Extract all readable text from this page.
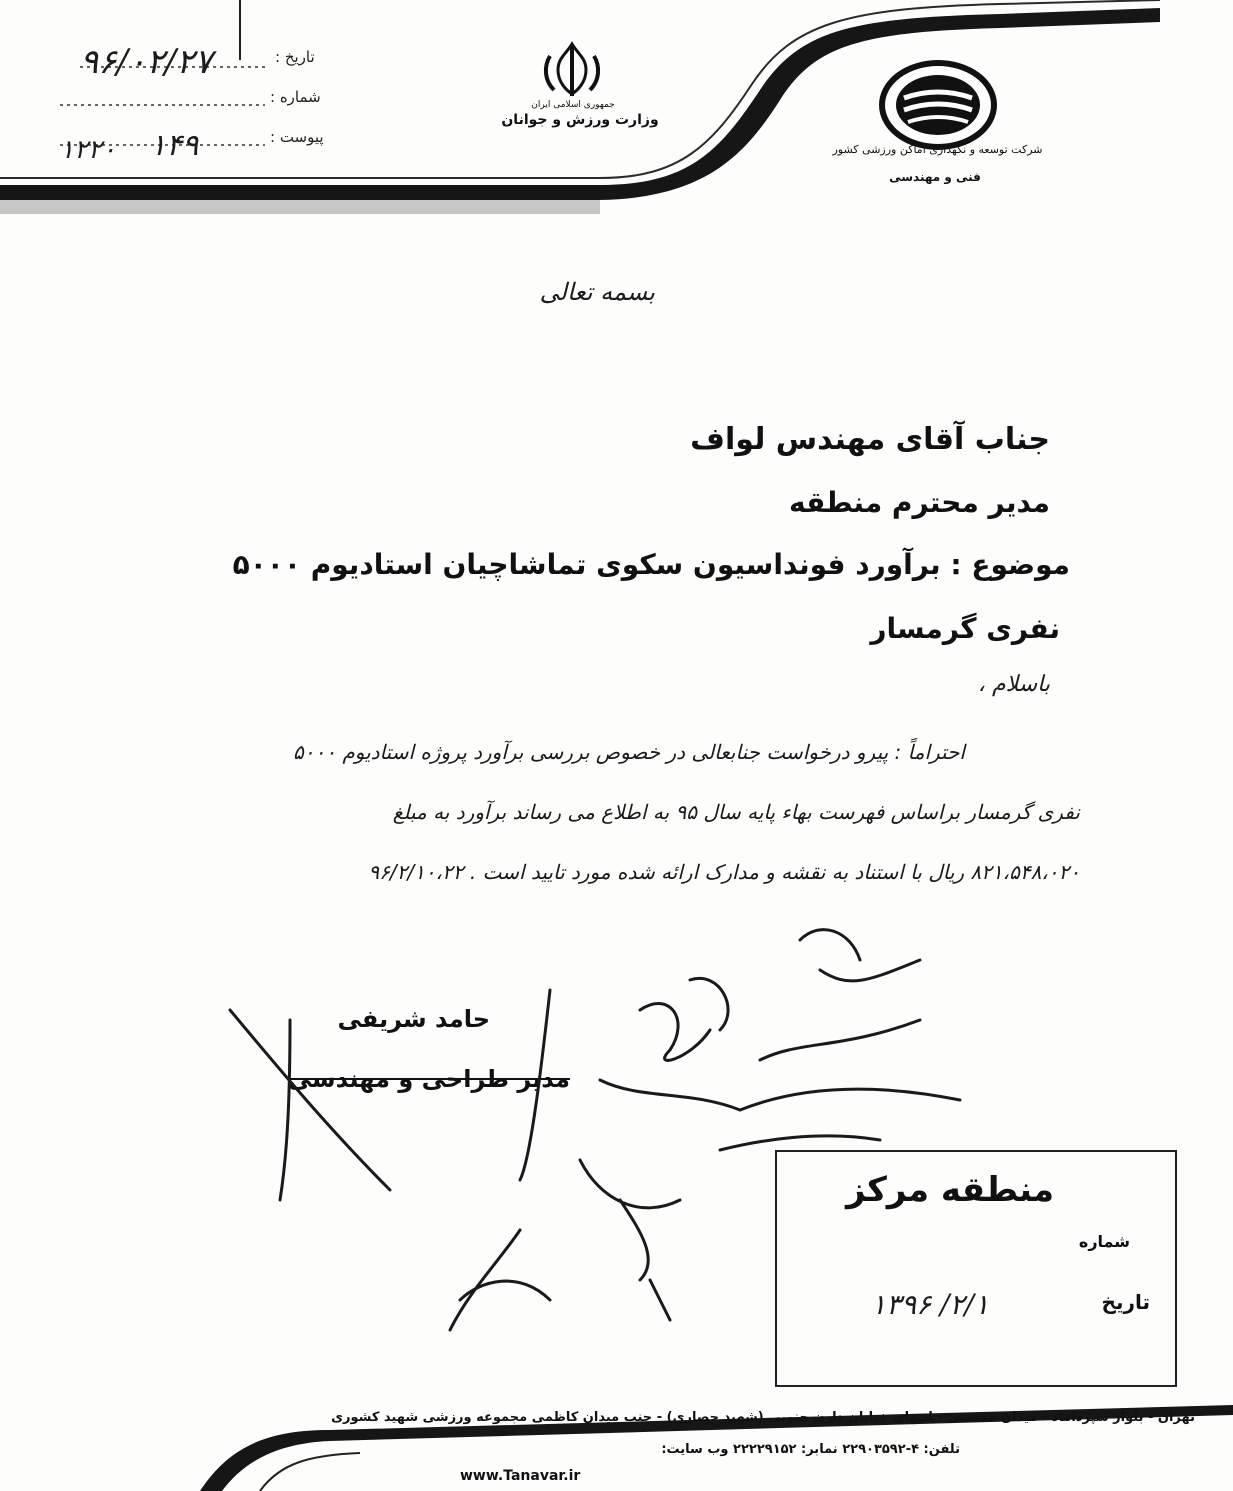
تاریخ :
شماره :
پیوست :
۹۶/۰۲/۲۷
۱۴۹
۱۲۲۰
جمهوری اسلامی ایران
وزارت ورزش و جوانان
شرکت توسعه و نگهداری اماکن ورزشی کشور
فنی و مهندسی
بسمه تعالی
جناب آقای مهندس لواف
مدیر محترم منطقه
موضوع : برآورد فونداسیون سکوی تماشاچیان استادیوم ۵۰۰۰
نفری گرمسار
باسلام ،
احتراماً : پیرو درخواست جنابعالی در خصوص بررسی برآورد پروژه استادیوم ۵۰۰۰
نفری گرمسار براساس فهرست بهاء پایه سال ۹۵ به اطلاع می رساند برآورد به مبلغ
۸۲۱،۵۴۸،۰۲۰ ریال با استناد به نقشه و مدارک ارائه شده مورد تایید است . ۹۶/۲/۱۰،۲۲
حامد شریفی
مدیر طراحی و مهندسی
منطقه مرکز
شماره
تاریخ
۱۳۹۶ /۲/۱
تهران - بلوار سپرداماد - میدان محسنی - انتهای خیابان دارن جنوبی (شهید حصاری) - جنب میدان کاظمی مجموعه ورزشی شهید کشوری
تلفن: ۴-۲۲۹۰۳۵۹۲ نمابر: ۲۲۲۲۹۱۵۲ وب سایت:
www.Tanavar.ir
